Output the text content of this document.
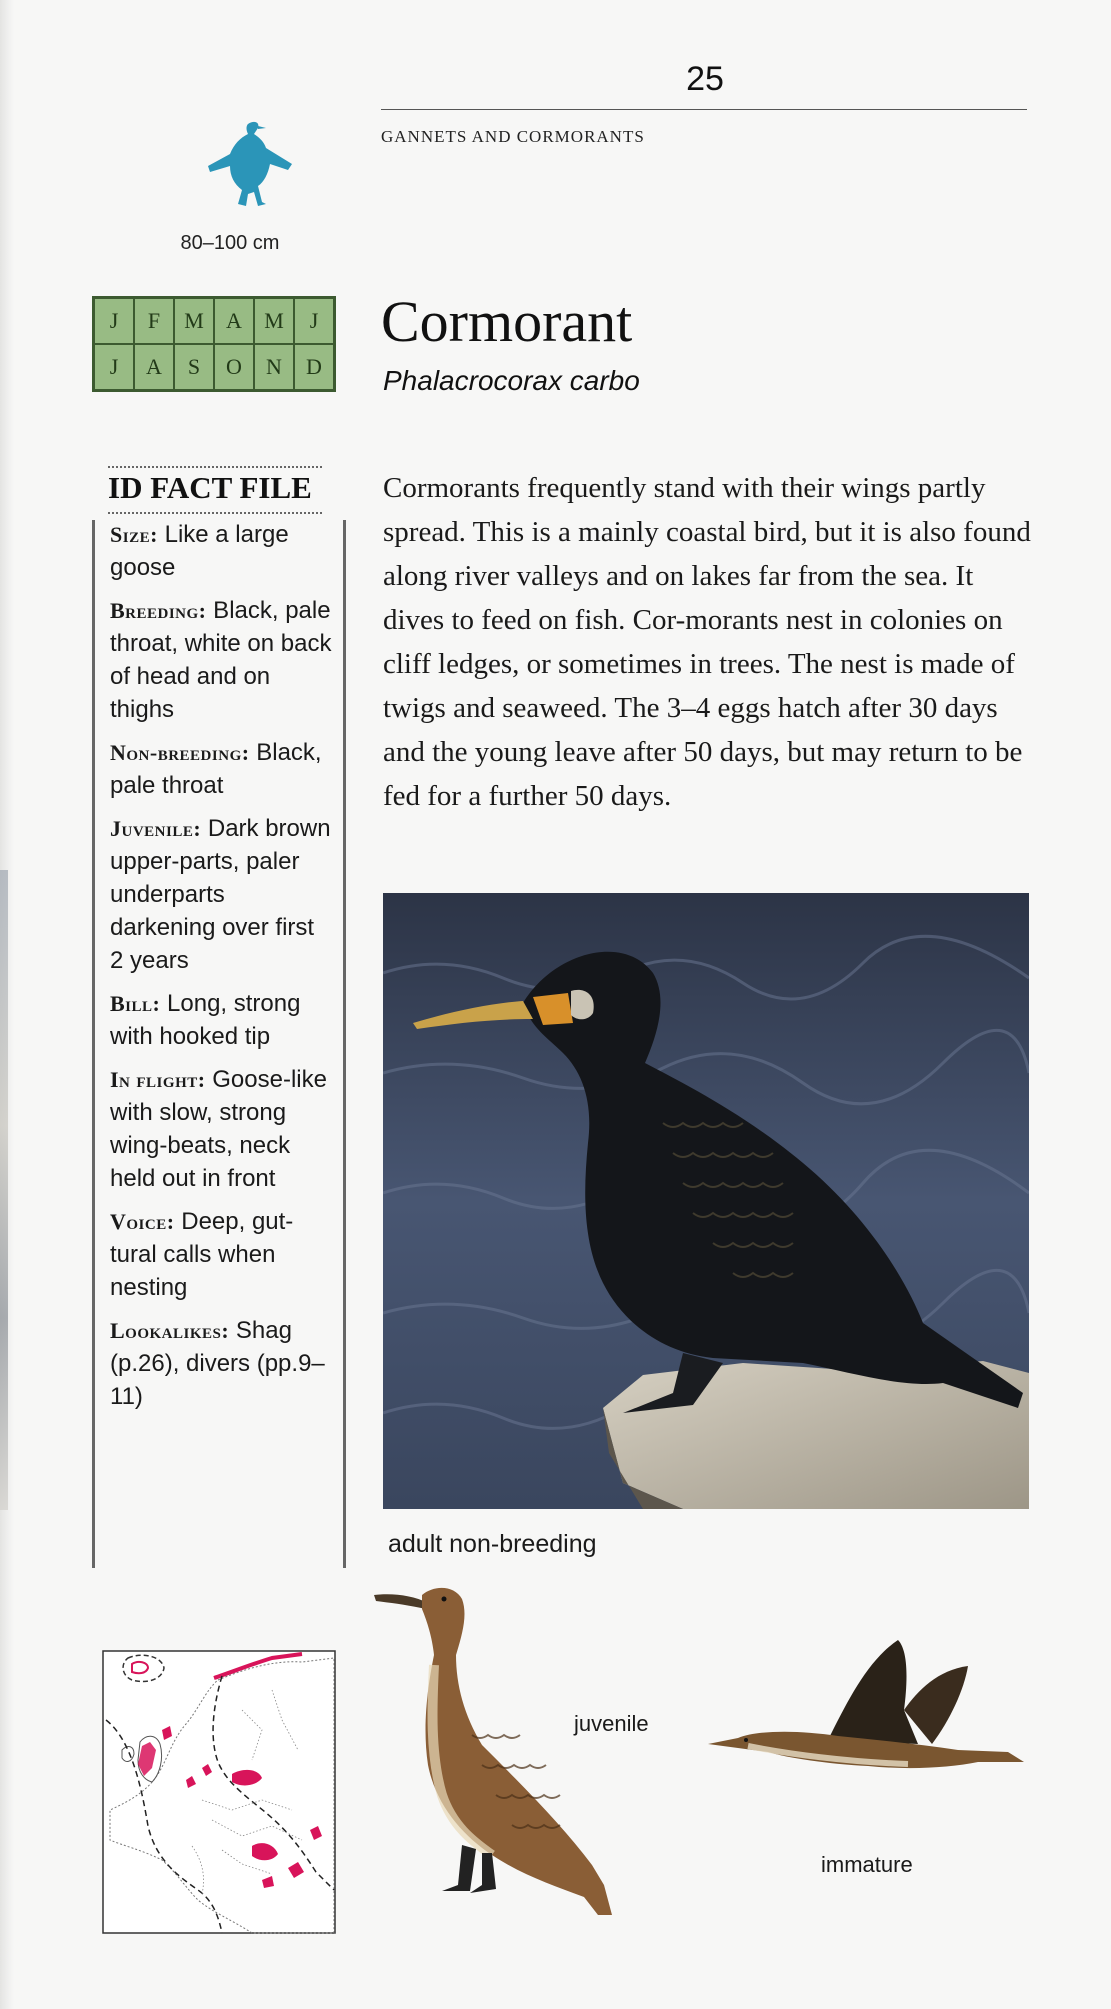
25
GANNETS AND CORMORANTS
80–100 cm
J	F	M	A	M	J
J	A	S	O	N	D
Cormorant
Phalacrocorax carbo
ID FACT FILE

Size: Like a large goose

Breeding: Black, pale throat, white on back of head and on thighs

Non-breeding: Black, pale throat

Juvenile: Dark brown upper-parts, paler underparts darkening over first 2 years

Bill: Long, strong with hooked tip

In flight: Goose-like with slow, strong wing-beats, neck held out in front

Voice: Deep, gut-tural calls when nesting

Lookalikes: Shag (p.26), divers (pp.9–11)

Cormorants frequently stand with their wings partly spread. This is a mainly coastal bird, but it is also found along river valleys and on lakes far from the sea. It dives to feed on fish. Cor-morants nest in colonies on cliff ledges, or sometimes in trees. The nest is made of twigs and seaweed. The 3–4 eggs hatch after 30 days and the young leave after 50 days, but may return to be fed for a further 50 days.
adult non-breeding
juvenile
immature
